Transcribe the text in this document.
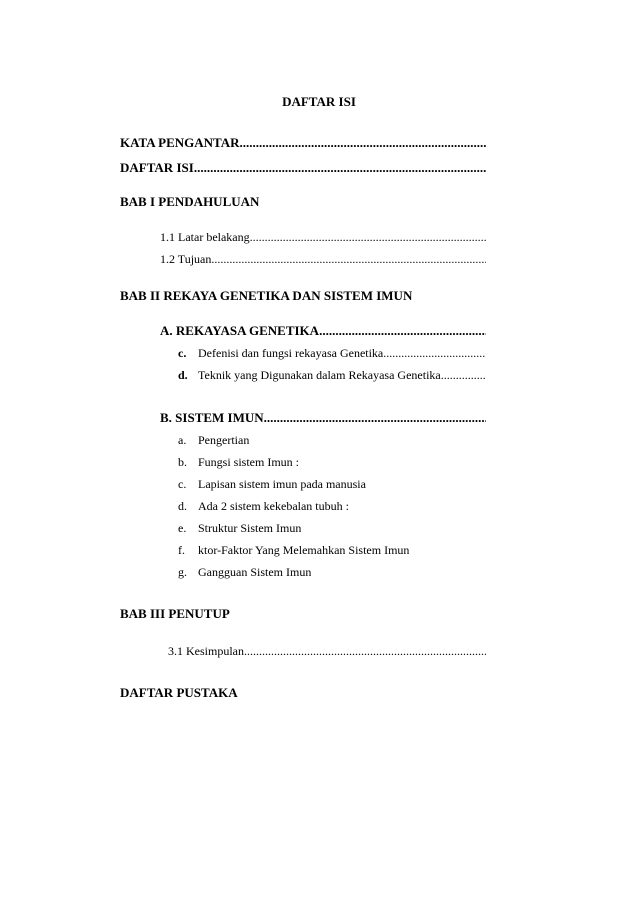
DAFTAR ISI
KATA PENGANTAR
.....
DAFTAR ISI
.....
BAB I PENDAHULUAN
1.1 Latar belakang
.....
1.2 Tujuan
.....
BAB II REKAYA GENETIKA DAN SISTEM IMUN
A. REKAYASA GENETIKA
.....
c. Defenisi dan fungsi rekayasa Genetika
.....
d. Teknik yang Digunakan dalam Rekayasa Genetika
.....
B. SISTEM IMUN
.....
a. Pengertian
b. Fungsi sistem Imun :
c. Lapisan sistem imun pada manusia
d. Ada 2 sistem kekebalan tubuh :
e. Struktur Sistem Imun
f. ktor-Faktor Yang Melemahkan Sistem Imun
g. Gangguan Sistem Imun
BAB III PENUTUP
3.1 Kesimpulan
.....
DAFTAR PUSTAKA
